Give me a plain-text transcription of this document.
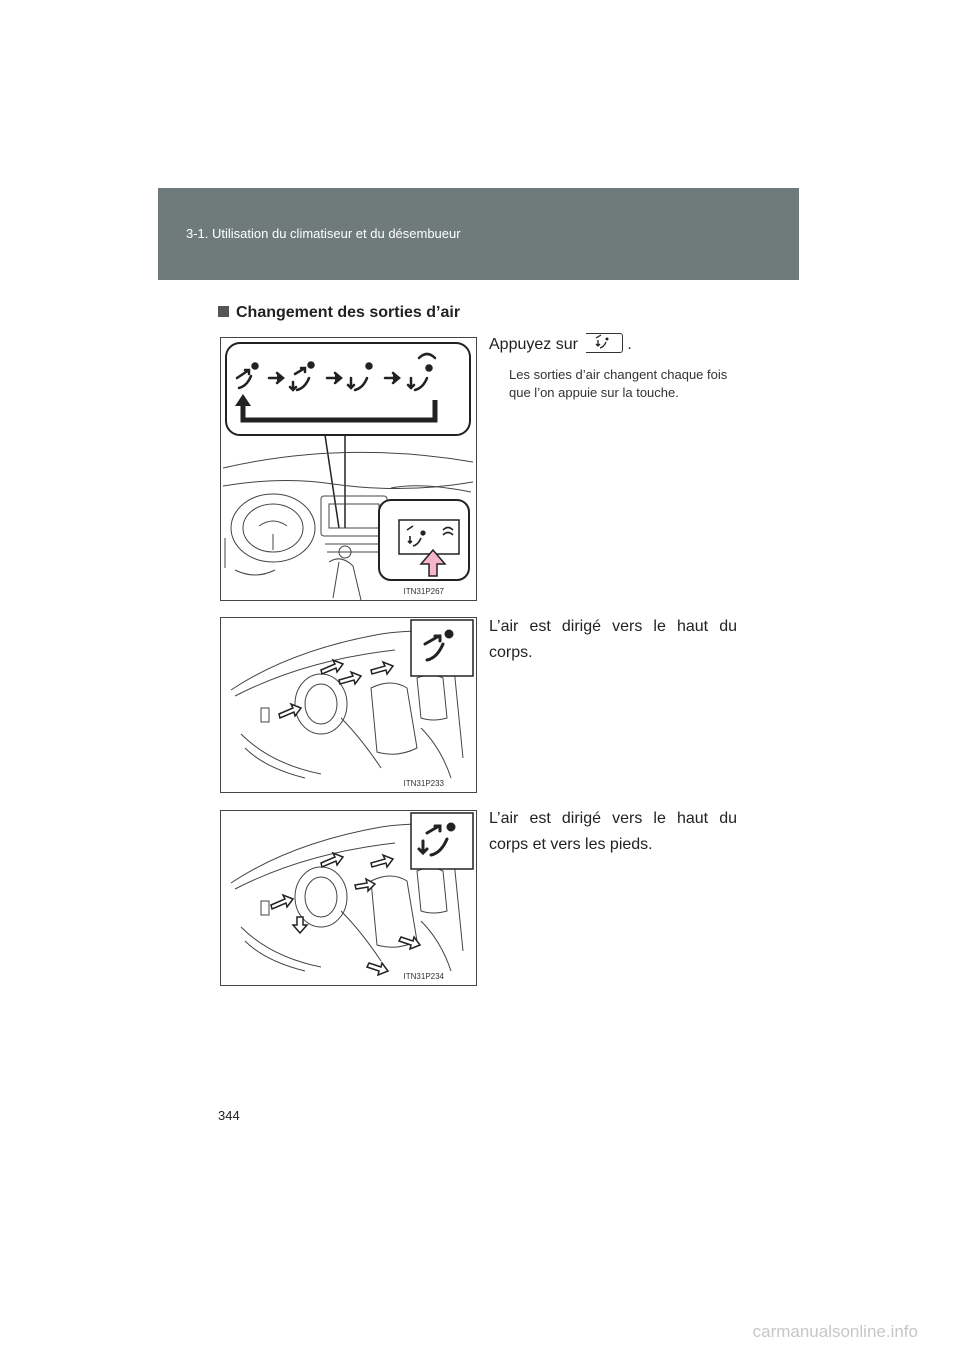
3-1. Utilisation du climatiseur et du désembueur
Changement des sorties d’air
ITN31P267
Appuyez sur	.
Les sorties d’air changent chaque fois que l’on appuie sur la touche.
ITN31P233
L’air est dirigé vers le haut du corps.
ITN31P234
L’air est dirigé vers le haut du corps et vers les pieds.
344
carmanualsonline.info
